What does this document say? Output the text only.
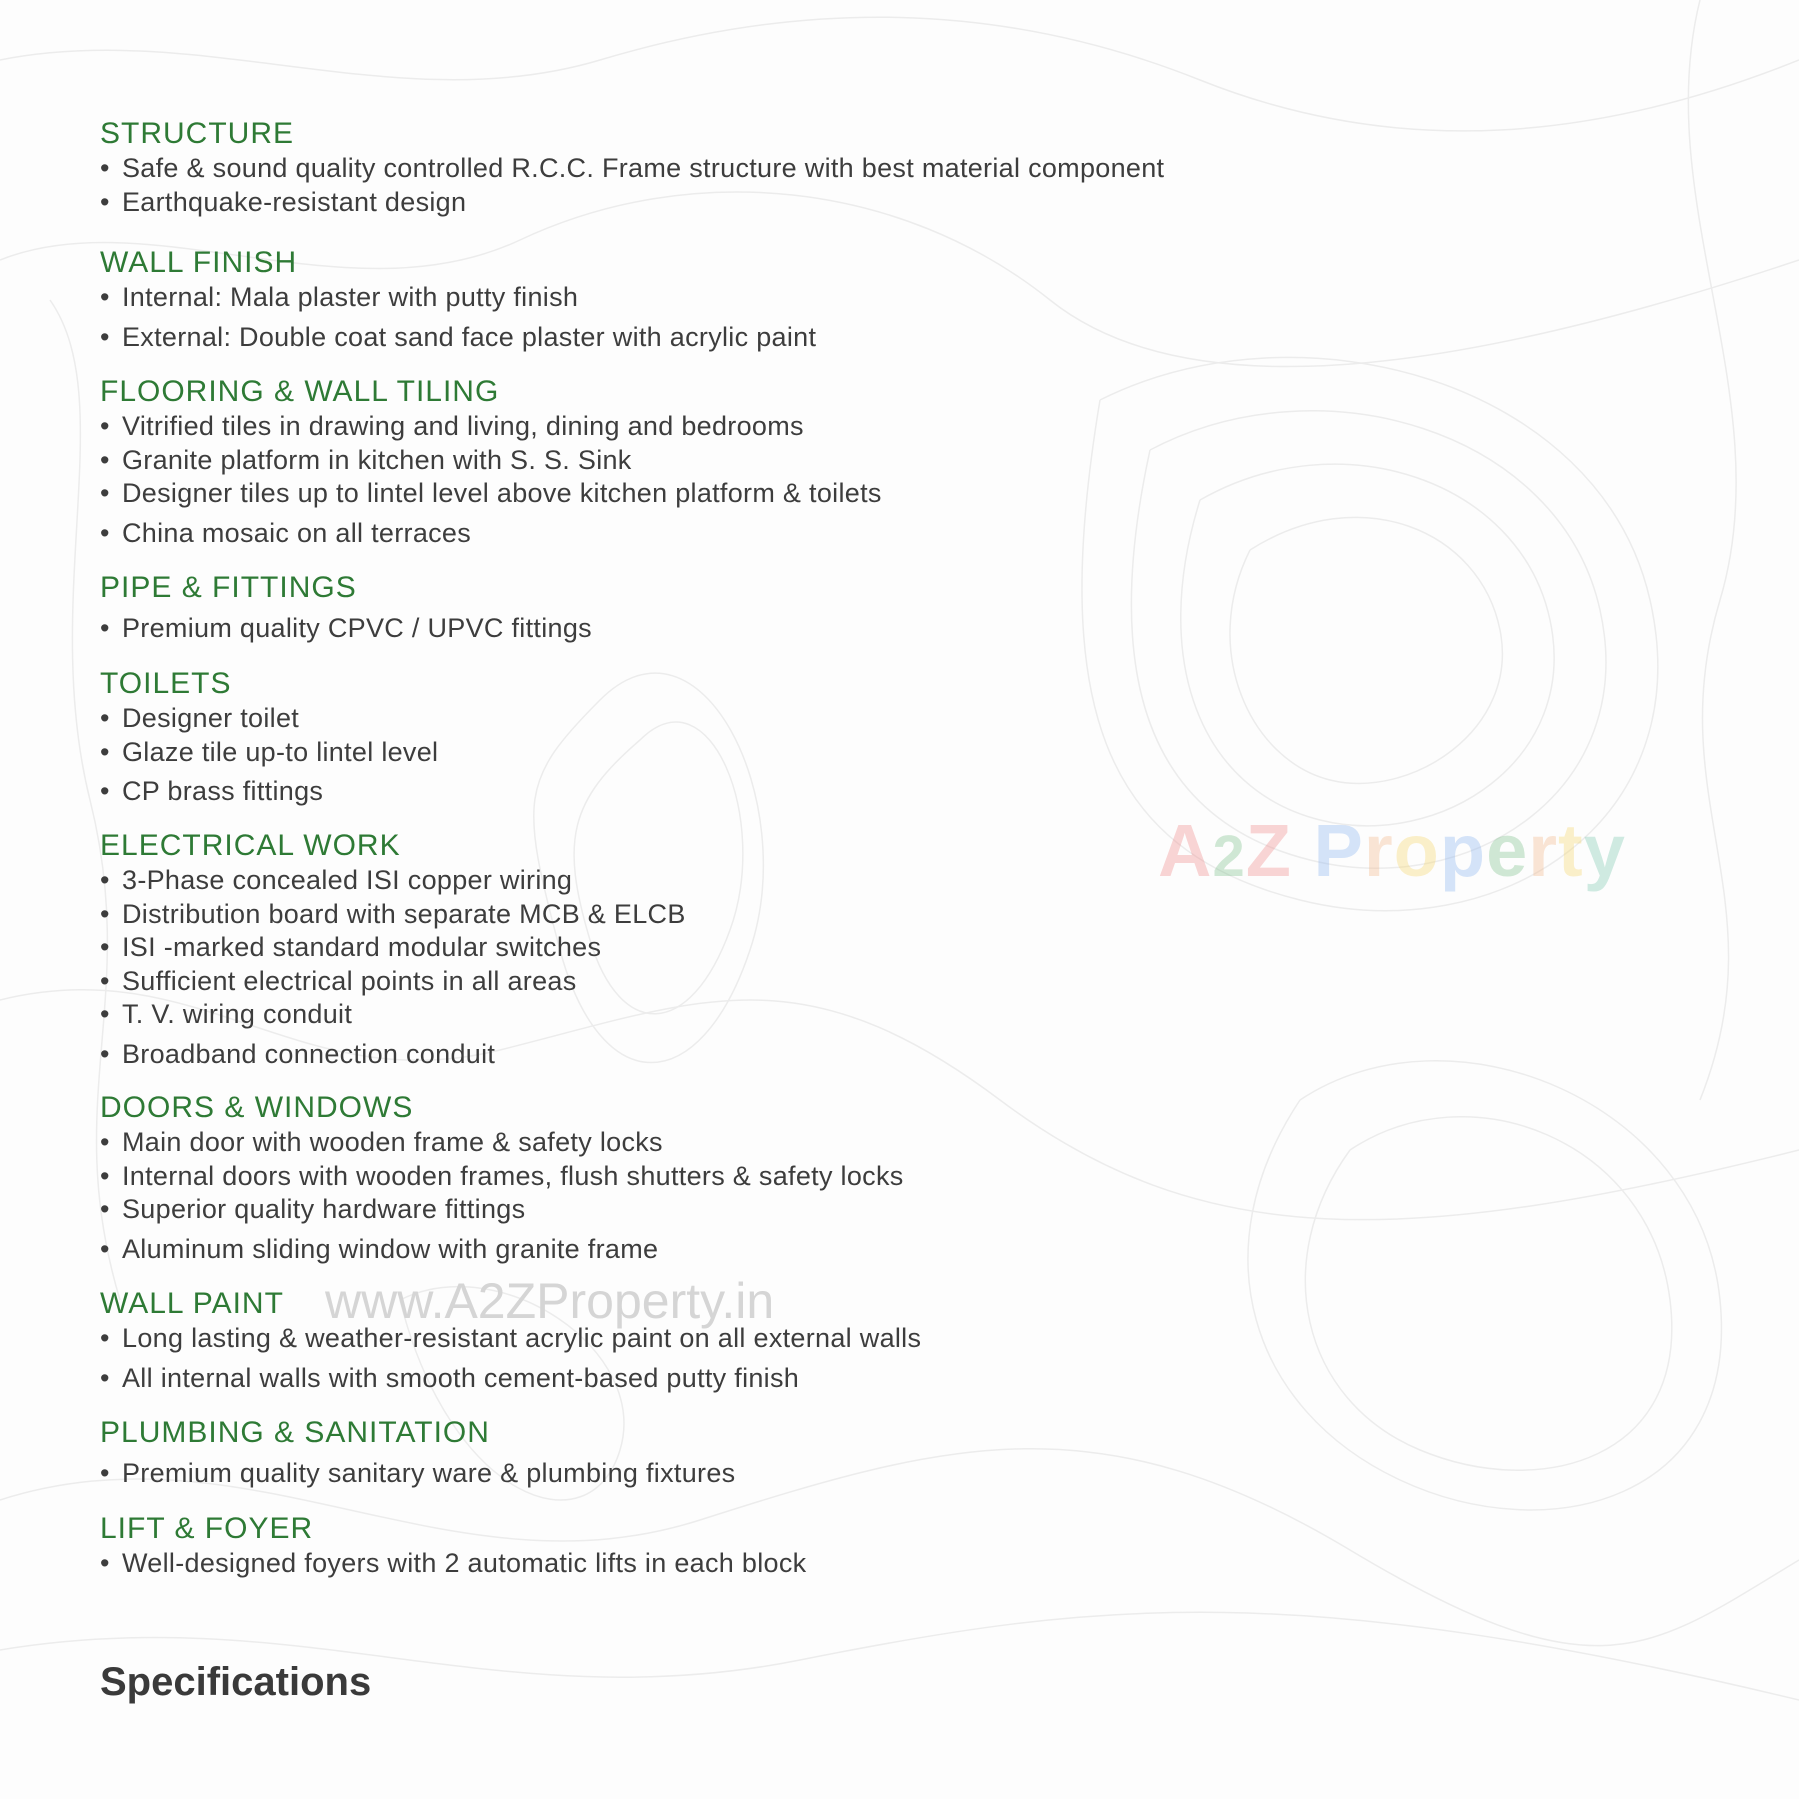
A2Z Property
www.A2ZProperty.in
STRUCTURE
• Safe & sound quality controlled R.C.C. Frame structure with best material component
• Earthquake-resistant design
WALL FINISH
• Internal: Mala plaster with putty finish
• External: Double coat sand face plaster with acrylic paint
FLOORING & WALL TILING
• Vitrified tiles in drawing and living, dining and bedrooms
• Granite platform in kitchen with S. S. Sink
• Designer tiles up to lintel level above kitchen platform & toilets
• China mosaic on all terraces
PIPE & FITTINGS
• Premium quality CPVC / UPVC fittings
TOILETS
• Designer toilet
• Glaze tile up-to lintel level
• CP brass fittings
ELECTRICAL WORK
• 3-Phase concealed ISI copper wiring
• Distribution board with separate MCB & ELCB
• ISI -marked standard modular switches
• Sufficient electrical points in all areas
• T. V. wiring conduit
• Broadband connection conduit
DOORS & WINDOWS
• Main door with wooden frame & safety locks
• Internal doors with wooden frames, flush shutters & safety locks
• Superior quality hardware fittings
• Aluminum sliding window with granite frame
WALL PAINT
• Long lasting & weather-resistant acrylic paint on all external walls
• All internal walls with smooth cement-based putty finish
PLUMBING & SANITATION
• Premium quality sanitary ware & plumbing fixtures
LIFT & FOYER
• Well-designed foyers with 2 automatic lifts in each block
Specifications
